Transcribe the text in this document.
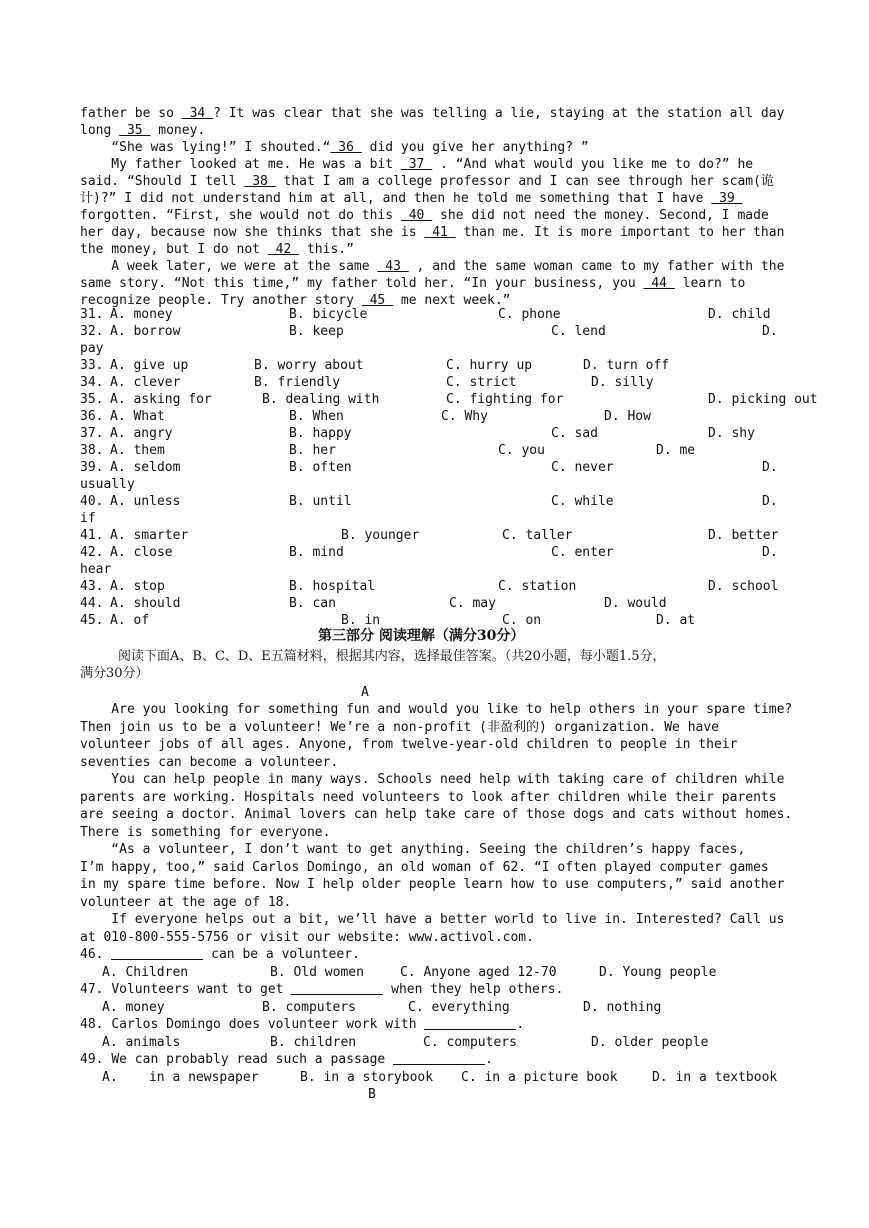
father be so  34 ? It was clear that she was telling a lie, staying at the station all day
long  35  money.
“She was lying!” I shouted.“ 36  did you give her anything? ”
My father looked at me. He was a bit  37  . “And what would you like me to do?” he
said. “Should I tell  38  that I am a college professor and I can see through her scam(诡
计)?” I did not understand him at all, and then he told me something that I have  39
forgotten. “First, she would not do this  40  she did not need the money. Second, I made
her day, because now she thinks that she is  41  than me. It is more important to her than
the money, but I do not  42  this.”
A week later, we were at the same  43  , and the same woman came to my father with the
same story. “Not this time,” my father told her. “In your business, you  44  learn to
recognize people. Try another story  45  me next week.”
31. A. money	B. bicycle	C. phone	D. child
32. A. borrow	B. keep	C. lend	D.
pay
33. A. give up	B. worry about	C. hurry up	D. turn off
34. A. clever	B. friendly	C. strict	D. silly
35. A. asking for	B. dealing with	C. fighting for	D. picking out
36. A. What	B. When	C. Why	D. How
37. A. angry	B. happy	C. sad	D. shy
38. A. them	B. her	C. you	D. me
39. A. seldom	B. often	C. never	D.
usually
40. A. unless	B. until	C. while	D.
if
41. A. smarter	B. younger	C. taller	D. better
42. A. close	B. mind	C. enter	D.
hear
43. A. stop	B. hospital	C. station	D. school
44. A. should	B. can	C. may	D. would
45. A. of	B. in	C. on	D. at
第三部分 阅读理解（满分30分）
阅读下面A、B、C、D、E五篇材料，根据其内容，选择最佳答案。（共20小题，每小题1.5分，
满分30分）
A
Are you looking for something fun and would you like to help others in your spare time?
Then join us to be a volunteer! We’re a non-profit (非盈利的) organization. We have
volunteer jobs of all ages. Anyone, from twelve-year-old children to people in their
seventies can become a volunteer.
You can help people in many ways. Schools need help with taking care of children while
parents are working. Hospitals need volunteers to look after children while their parents
are seeing a doctor. Animal lovers can help take care of those dogs and cats without homes.
There is something for everyone.
“As a volunteer, I don’t want to get anything. Seeing the children’s happy faces,
I’m happy, too,” said Carlos Domingo, an old woman of 62. “I often played computer games
in my spare time before. Now I help older people learn how to use computers,” said another
volunteer at the age of 18.
If everyone helps out a bit, we’ll have a better world to live in. Interested? Call us
at 010-800-555-5756 or visit our website: www.activol.com.
46.	can be a volunteer.
A. Children	B. Old women	C. Anyone aged 12-70	D. Young people
47. Volunteers want to get	when they help others.
A. money	B. computers	C. everything	D. nothing
48. Carlos Domingo does volunteer work with	.
A. animals	B. children	C. computers	D. older people
49. We can probably read such a passage	.
A.    in a newspaper	B. in a storybook C. in a picture book	D. in a textbook
B
